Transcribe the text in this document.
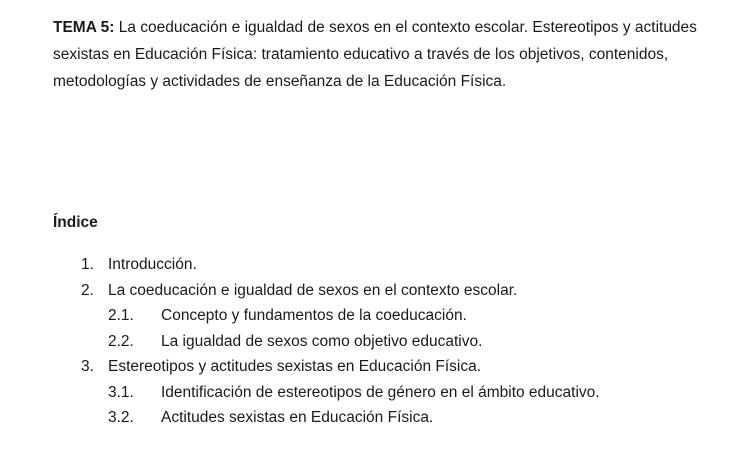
TEMA 5: La coeducación e igualdad de sexos en el contexto escolar. Estereotipos y actitudes sexistas en Educación Física: tratamiento educativo a través de los objetivos, contenidos, metodologías y actividades de enseñanza de la Educación Física.
Índice
1. Introducción.
2. La coeducación e igualdad de sexos en el contexto escolar.
2.1. Concepto y fundamentos de la coeducación.
2.2. La igualdad de sexos como objetivo educativo.
3. Estereotipos y actitudes sexistas en Educación Física.
3.1. Identificación de estereotipos de género en el ámbito educativo.
3.2. Actitudes sexistas en Educación Física.
